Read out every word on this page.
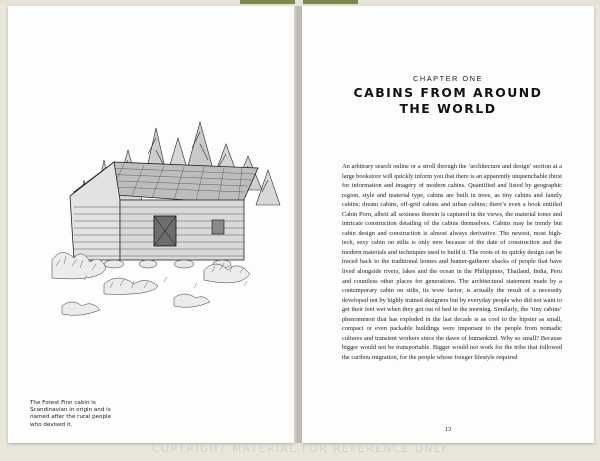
The Forest Finn cabin is Scandinavian in origin and is named after the rural people who devised it.
CHAPTER ONE
CABINS FROM AROUND THE WORLD
An arbitrary search online or a stroll through the ‘architecture and design’ section at a large bookstore will quickly inform you that there is an apparently unquenchable thirst for information and imagery of modern cabins. Quantified and listed by geographic region, style and material type, cabins are built in trees, as tiny cabins and family cabins; dream cabins, off-grid cabins and urban cabins; there’s even a book entitled Cabin Porn, albeit all sexiness therein is captured in the views, the material tones and intricate construction detailing of the cabins themselves. Cabins may be trendy but cabin design and construction is almost always derivative. The newest, most high-tech, sexy cabin on stilts is only new because of the date of construction and the modern materials and techniques used to build it. The roots of its quirky design can be traced back to the traditional homes and hunter-gatherer shacks of people that have lived alongside rivers, lakes and the ocean in the Philippines, Thailand, India, Peru and countless other places for generations. The architectural statement made by a contemporary cabin on stilts, its wow factor, is actually the result of a necessity developed not by highly trained designers but by everyday people who did not want to get their feet wet when they got out of bed in the morning. Similarly, the ‘tiny cabins’ phenomenon that has exploded in the last decade is as cool to the hipster as small, compact or even packable buildings were important to the people from nomadic cultures and transient workers since the dawn of humankind. Why so small? Because bigger would not be transportable. Bigger would not work for the tribe that followed the caribou migration, for the people whose forager lifestyle required
13
COPYRIGHT MATERIAL FOR REFERENCE ONLY
